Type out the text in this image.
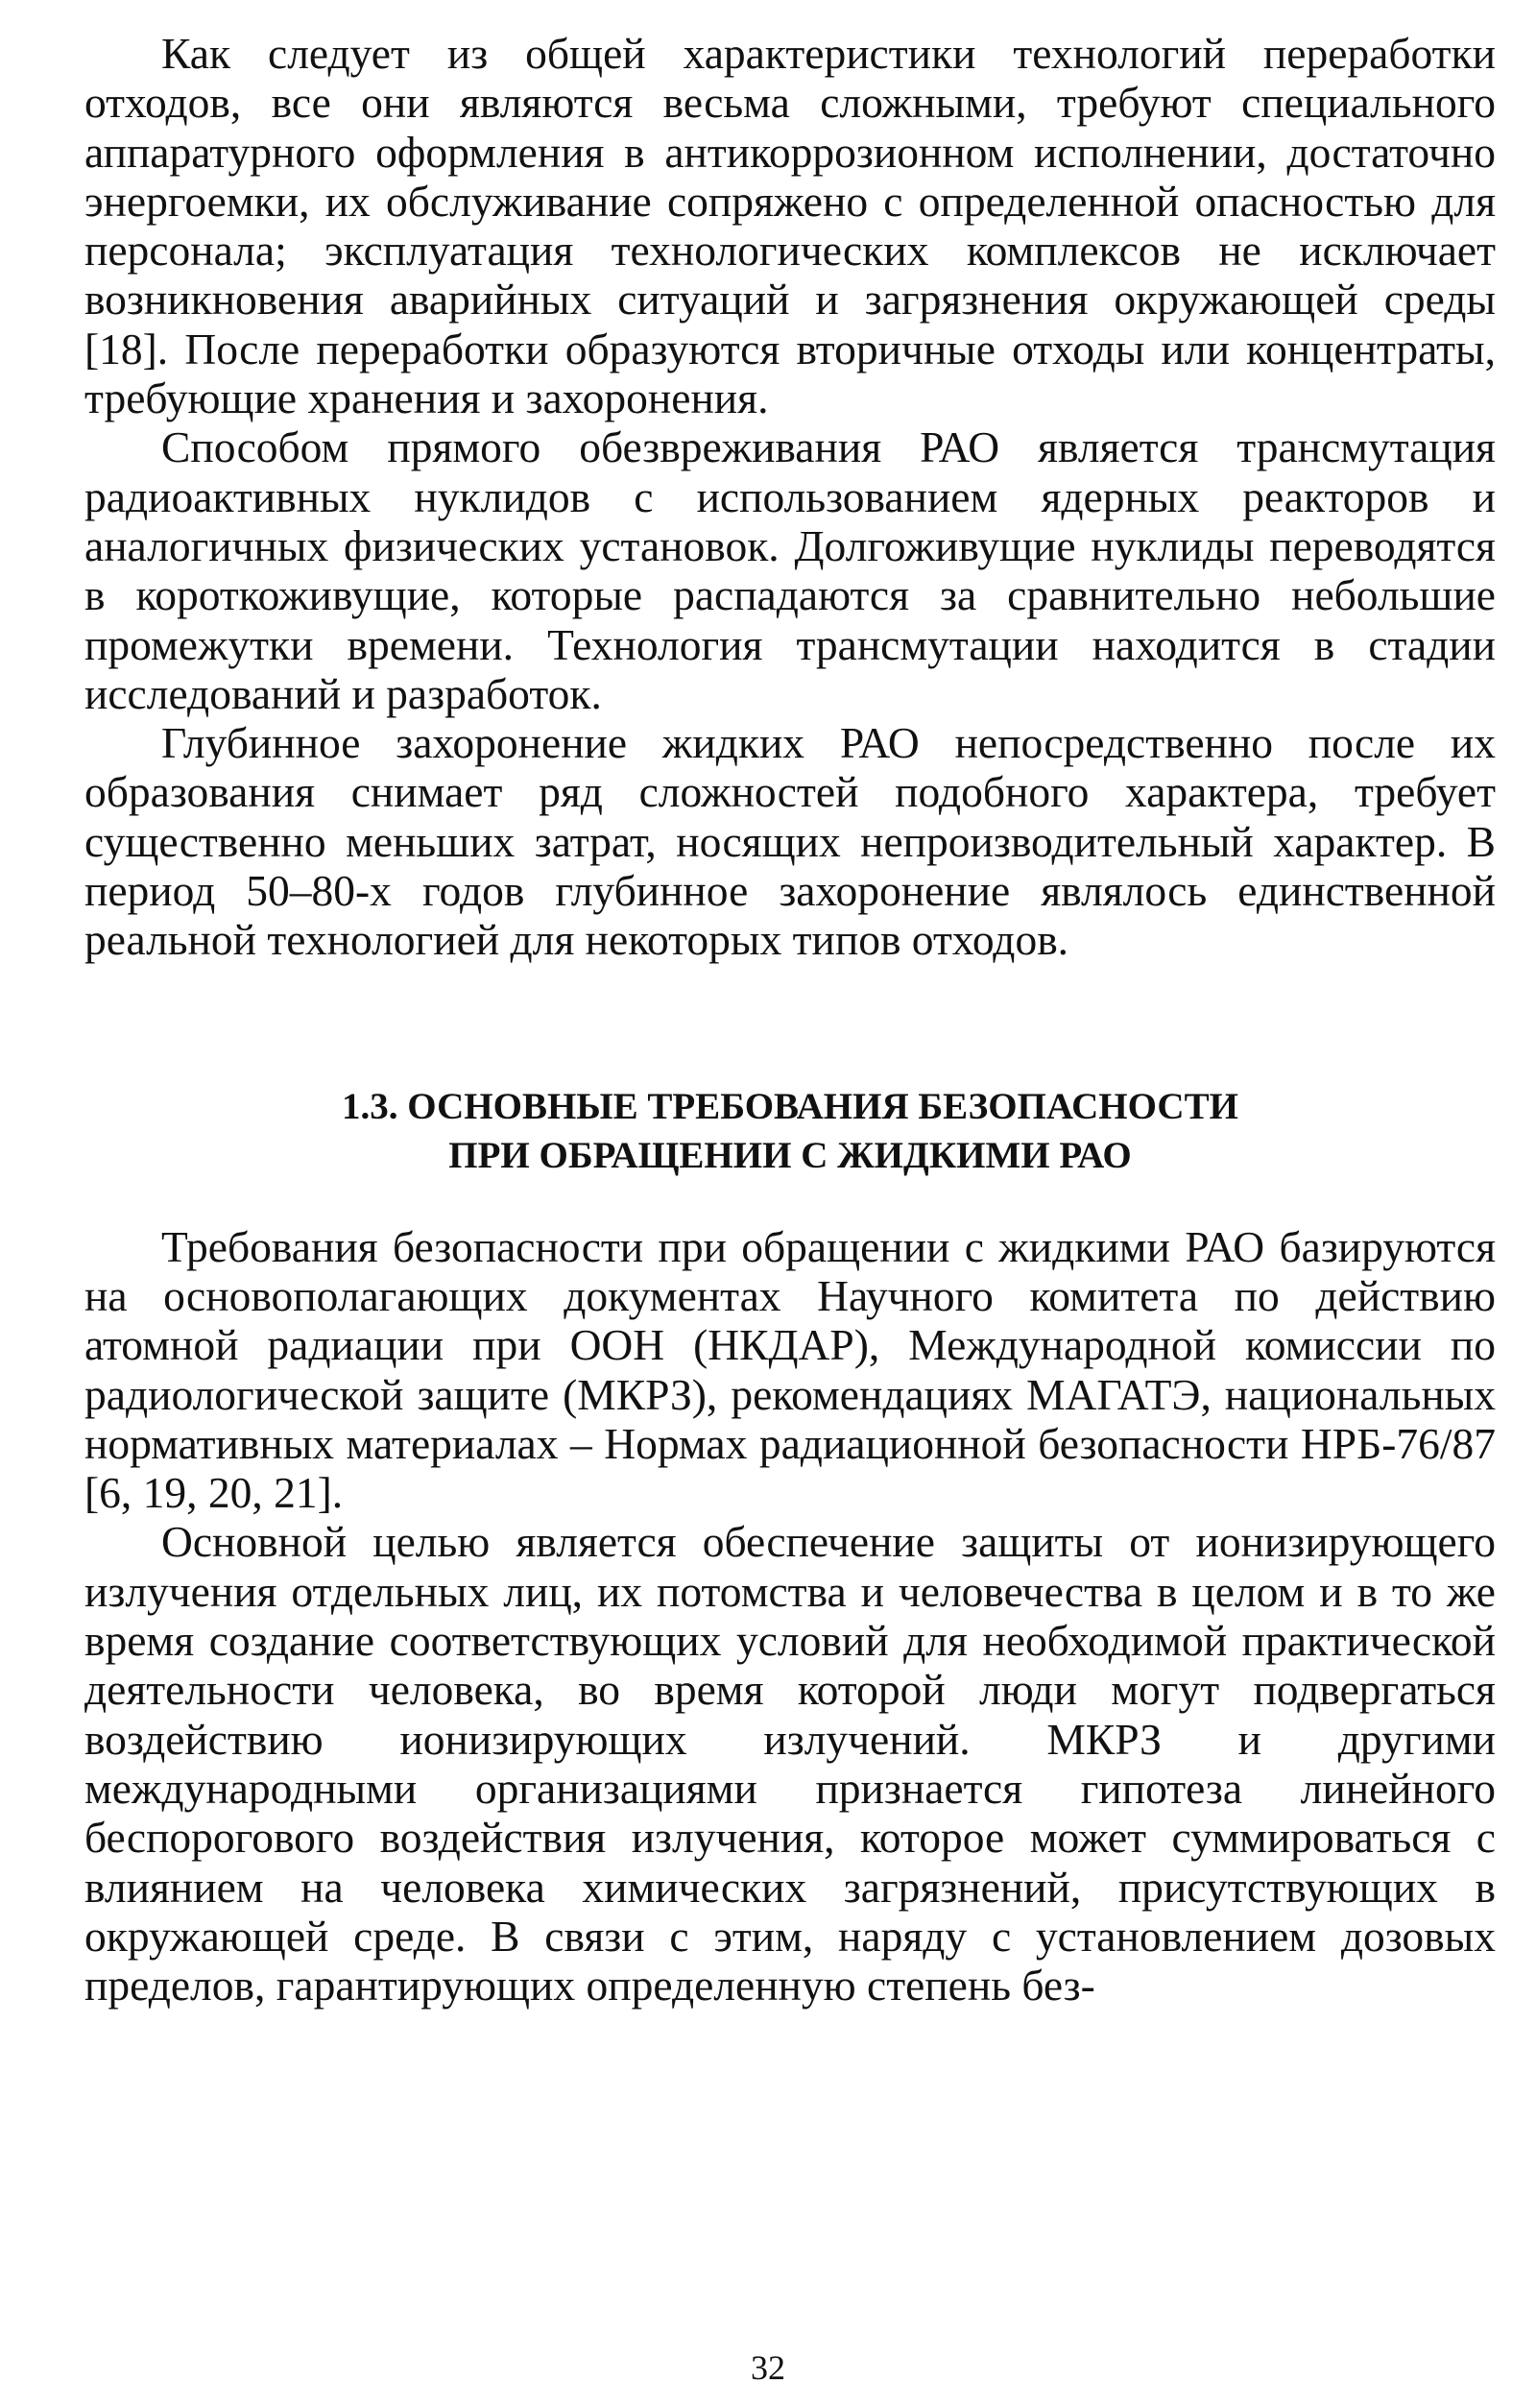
Как следует из общей характеристики технологий переработки отходов, все они являются весьма сложными, требуют специального аппаратурного оформления в антикоррозионном исполнении, достаточно энергоемки, их обслуживание сопряжено с определенной опасностью для персонала; эксплуатация технологических комплексов не исключает возникновения аварийных ситуаций и загрязнения окружающей среды [18]. После переработки образуются вторичные отходы или концентраты, требующие хранения и захоронения.

Способом прямого обезвреживания РАО является трансмутация радиоактивных нуклидов с использованием ядерных реакторов и аналогичных физических установок. Долгоживущие нуклиды переводятся в короткоживущие, которые распадаются за сравнительно небольшие промежутки времени. Технология трансмутации находится в стадии исследований и разработок.

Глубинное захоронение жидких РАО непосредственно после их образования снимает ряд сложностей подобного характера, требует существенно меньших затрат, носящих непроизводительный характер. В период 50–80-х годов глубинное захоронение являлось единственной реальной технологией для некоторых типов отходов.

1.3. ОСНОВНЫЕ ТРЕБОВАНИЯ БЕЗОПАСНОСТИ
ПРИ ОБРАЩЕНИИ С ЖИДКИМИ РАО

Требования безопасности при обращении с жидкими РАО базируются на основополагающих документах Научного комитета по действию атомной радиации при ООН (НКДАР), Международной комиссии по радиологической защите (МКРЗ), рекомендациях МАГАТЭ, национальных нормативных материалах – Нормах радиационной безопасности НРБ-76/87 [6, 19, 20, 21].

Основной целью является обеспечение защиты от ионизирующего излучения отдельных лиц, их потомства и человечества в целом и в то же время создание соответствующих условий для необходимой практической деятельности человека, во время которой люди могут подвергаться воздействию ионизирующих излучений. МКРЗ и другими международными организациями признается гипотеза линейного беспорогового воздействия излучения, которое может суммироваться с влиянием на человека химических загрязнений, присутствующих в окружающей среде. В связи с этим, наряду с установлением дозовых пределов, гарантирующих определенную степень без-

32
